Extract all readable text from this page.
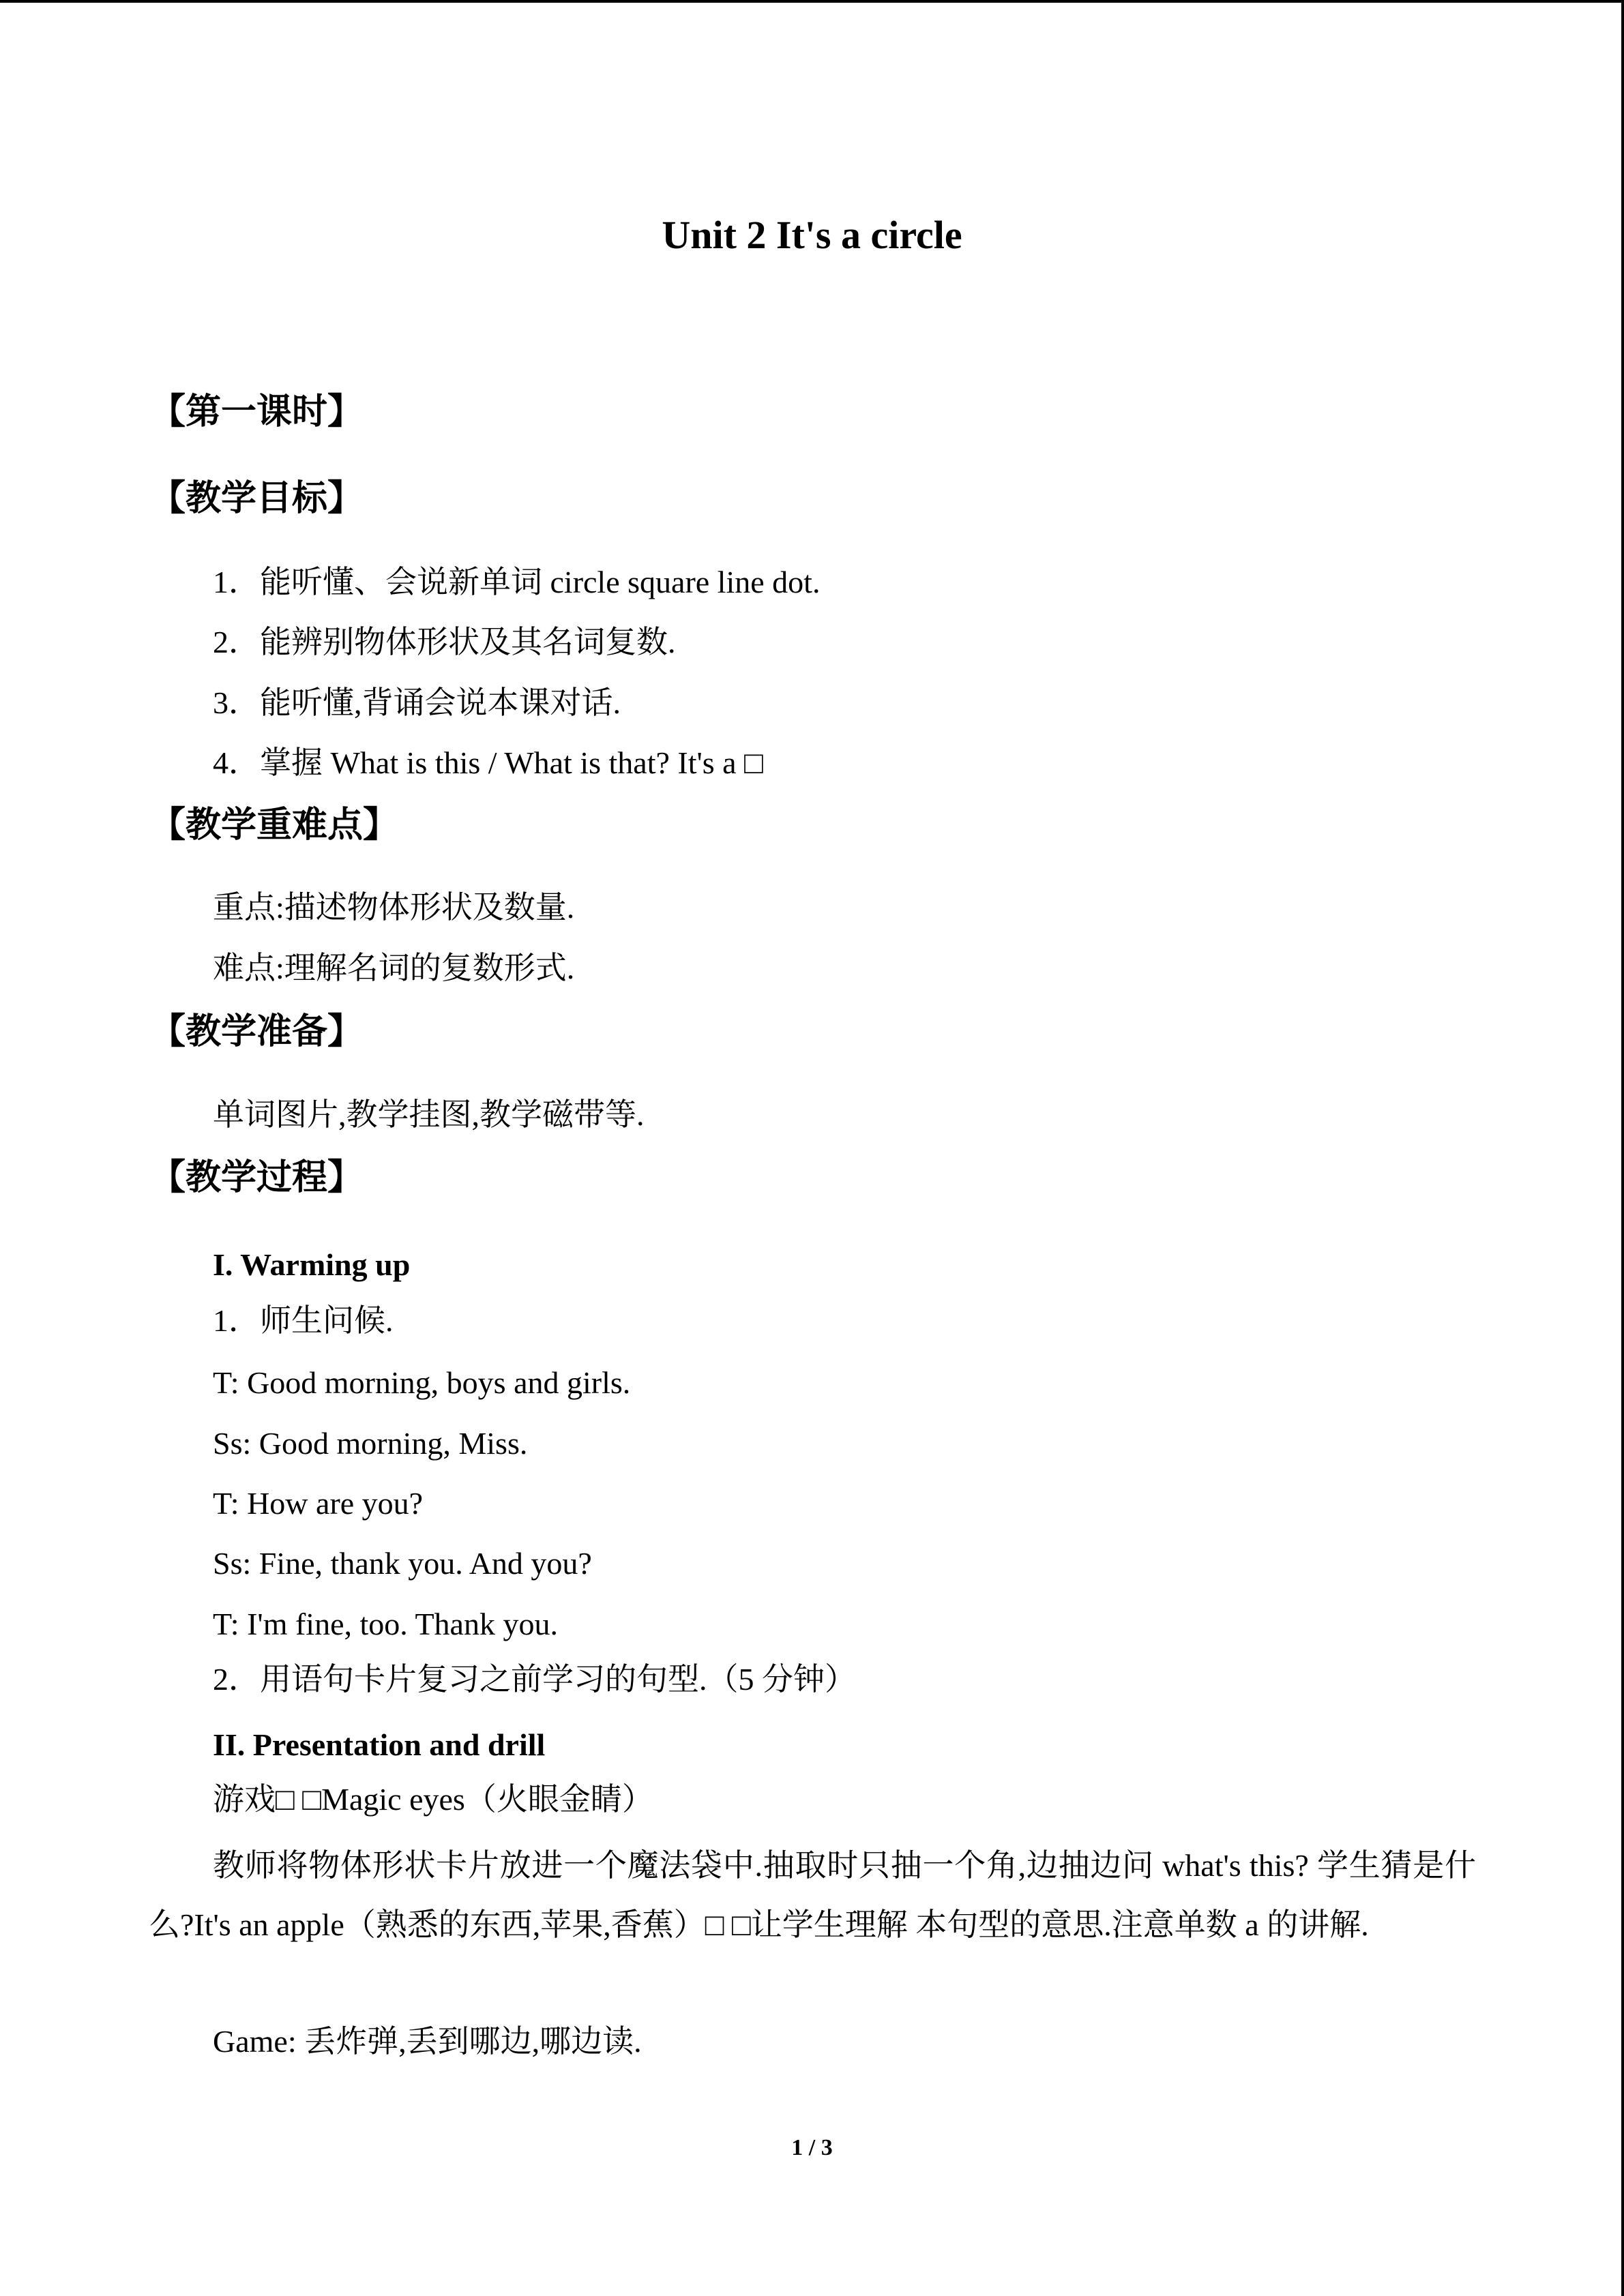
Unit 2 It's a circle
【第一课时】
【教学目标】
1．能听懂、会说新单词 circle square line dot.
2．能辨别物体形状及其名词复数.
3．能听懂,背诵会说本课对话.
4．掌握 What is this / What is that? It's a □
【教学重难点】
重点:描述物体形状及数量.
难点:理解名词的复数形式.
【教学准备】
单词图片,教学挂图,教学磁带等.
【教学过程】
I. Warming up
1．师生问候.
T: Good morning, boys and girls.
Ss: Good morning, Miss.
T: How are you?
Ss: Fine, thank you. And you?
T: I'm fine, too. Thank you.
2．用语句卡片复习之前学习的句型.（5 分钟）
II. Presentation and drill
游戏□ □Magic eyes（火眼金睛）

教师将物体形状卡片放进一个魔法袋中.抽取时只抽一个角,边抽边问 what's this? 学生猜是什么?It's an apple（熟悉的东西,苹果,香蕉）□ □让学生理解 本句型的意思.注意单数 a 的讲解.

Game: 丢炸弹,丢到哪边,哪边读.
1 / 3
